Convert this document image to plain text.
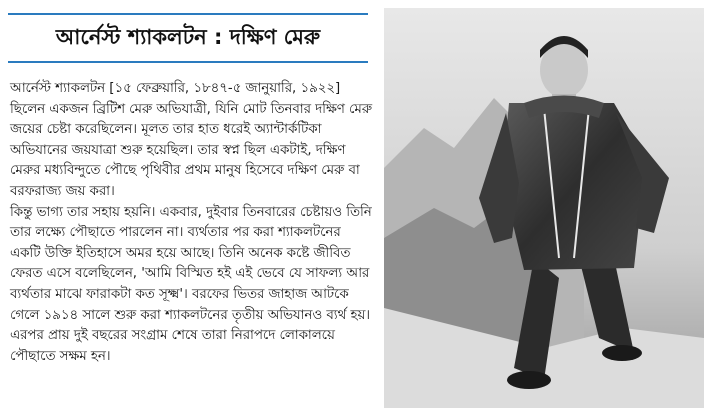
আর্নেস্ট শ্যাকলটন : দক্ষিণ মেরু

আর্নেস্ট শ্যাকলটন [১৫ ফেব্রুয়ারি, ১৮৪৭-৫ জানুয়ারি, ১৯২২] ছিলেন একজন ব্রিটিশ মেরু অভিযাত্রী, যিনি মোট তিনবার দক্ষিণ মেরু জয়ের চেষ্টা করেছিলেন। মূলত তার হাত ধরেই অ্যান্টার্কটিকা অভিযানের জয়যাত্রা শুরু হয়েছিল। তার স্বপ্ন ছিল একটাই, দক্ষিণ মেরুর মধ্যবিন্দুতে পৌছে পৃথিবীর প্রথম মানুষ হিসেবে দক্ষিণ মেরু বা বরফরাজ্য জয় করা।

কিন্তু ভাগ্য তার সহায় হয়নি। একবার, দুইবার তিনবারের চেষ্টায়ও তিনি তার লক্ষ্যে পৌছাতে পারলেন না। ব্যর্থতার পর করা শ্যাকলটনের একটি উক্তি ইতিহাসে অমর হয়ে আছে। তিনি অনেক কষ্টে জীবিত ফেরত এসে বলেছিলেন, 'আমি বিস্মিত হই এই ভেবে যে সাফল্য আর ব্যর্থতার মাঝে ফারাকটা কত সূক্ষ্ম'। বরফের ভিতর জাহাজ আটকে গেলে ১৯১৪ সালে শুরু করা শ্যাকলটনের তৃতীয় অভিযানও ব্যর্থ হয়। এরপর প্রায় দুই বছরের সংগ্রাম শেষে তারা নিরাপদে লোকালয়ে পৌছাতে সক্ষম হন।
